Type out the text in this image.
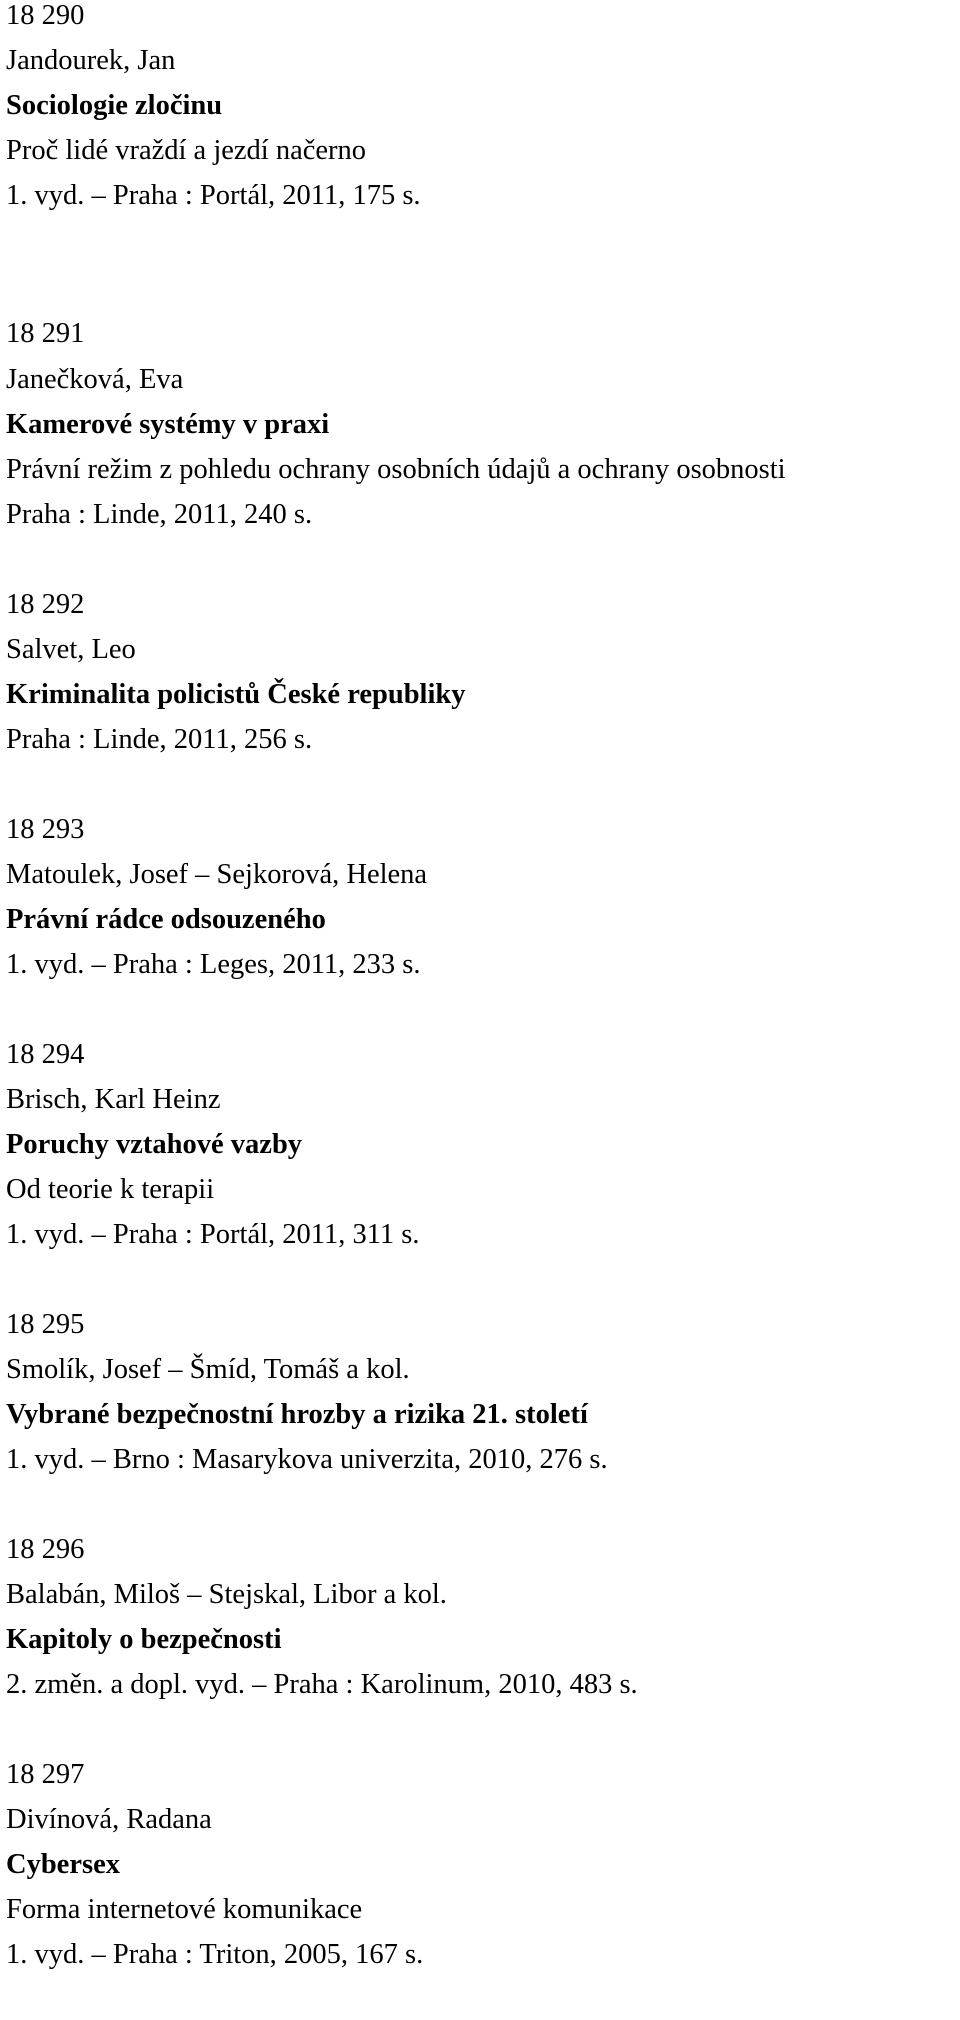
18 290

Jandourek, Jan

Sociologie zločinu

Proč lidé vraždí a jezdí načerno

1. vyd. – Praha : Portál, 2011, 175 s.

18 291

Janečková, Eva

Kamerové systémy v praxi

Právní režim z pohledu ochrany osobních údajů a ochrany osobnosti

Praha : Linde, 2011, 240 s.

18 292

Salvet, Leo

Kriminalita policistů České republiky

Praha : Linde, 2011, 256 s.

18 293

Matoulek, Josef – Sejkorová, Helena

Právní rádce odsouzeného

1. vyd. – Praha : Leges, 2011, 233 s.

18 294

Brisch, Karl Heinz

Poruchy vztahové vazby

Od teorie k terapii

1. vyd. – Praha : Portál, 2011, 311 s.

18 295

Smolík, Josef – Šmíd, Tomáš a kol.

Vybrané bezpečnostní hrozby a rizika 21. století

1. vyd. – Brno : Masarykova univerzita, 2010, 276 s.

18 296

Balabán, Miloš – Stejskal, Libor a kol.

Kapitoly o bezpečnosti

2. změn. a dopl. vyd. – Praha : Karolinum, 2010, 483 s.

18 297

Divínová, Radana

Cybersex

Forma internetové komunikace

1. vyd. – Praha : Triton, 2005, 167 s.
